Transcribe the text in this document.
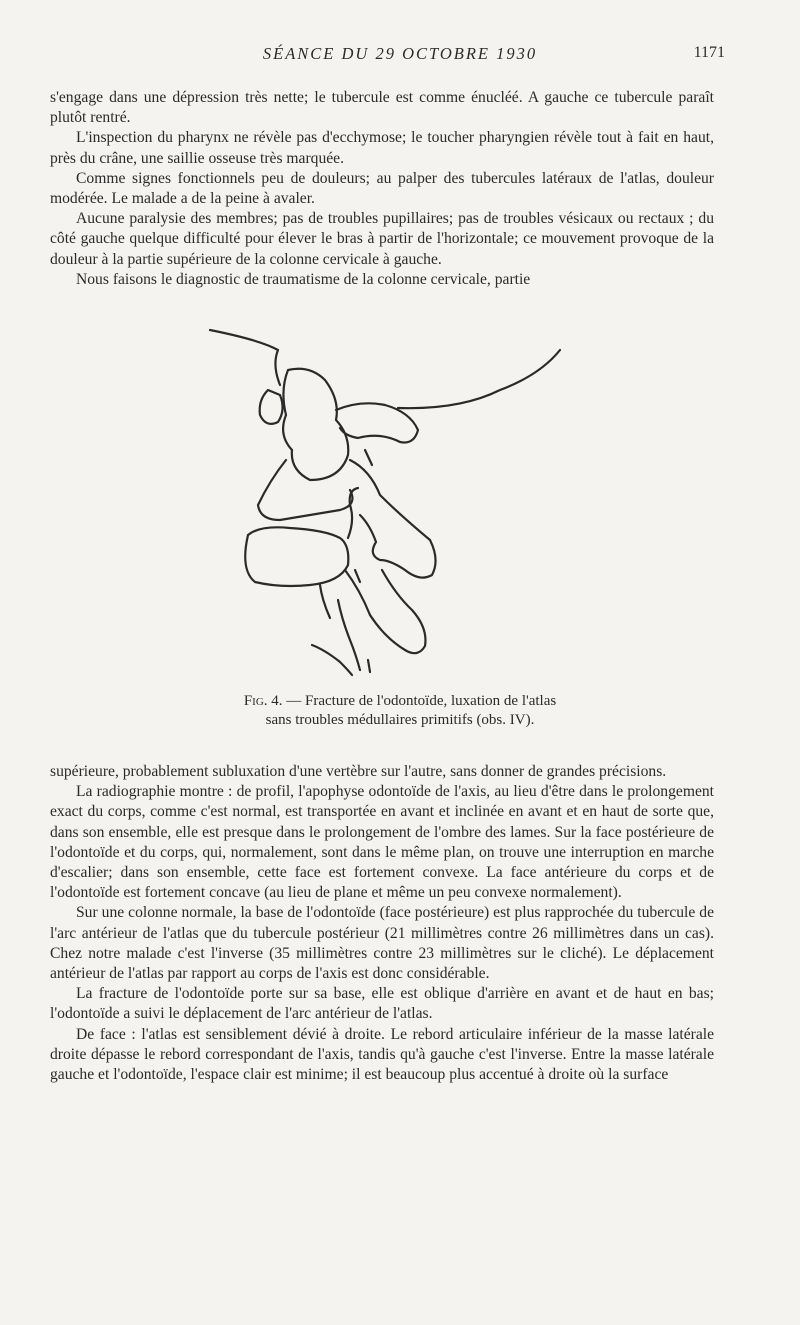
SÉANCE DU 29 OCTOBRE 1930	1171

s'engage dans une dépression très nette; le tubercule est comme énucléé. A gauche ce tubercule paraît plutôt rentré.

L'inspection du pharynx ne révèle pas d'ecchymose; le toucher pharyngien révèle tout à fait en haut, près du crâne, une saillie osseuse très marquée.

Comme signes fonctionnels peu de douleurs; au palper des tubercules latéraux de l'atlas, douleur modérée. Le malade a de la peine à avaler.

Aucune paralysie des membres; pas de troubles pupillaires; pas de troubles vésicaux ou rectaux ; du côté gauche quelque difficulté pour élever le bras à partir de l'horizontale; ce mouvement provoque de la douleur à la partie supérieure de la colonne cervicale à gauche.

Nous faisons le diagnostic de traumatisme de la colonne cervicale, partie

Fig. 4. — Fracture de l'odontoïde, luxation de l'atlas
sans troubles médullaires primitifs (obs. IV).

supérieure, probablement subluxation d'une vertèbre sur l'autre, sans donner de grandes précisions.

La radiographie montre : de profil, l'apophyse odontoïde de l'axis, au lieu d'être dans le prolongement exact du corps, comme c'est normal, est transportée en avant et inclinée en avant et en haut de sorte que, dans son ensemble, elle est presque dans le prolongement de l'ombre des lames. Sur la face postérieure de l'odontoïde et du corps, qui, normalement, sont dans le même plan, on trouve une interruption en marche d'escalier; dans son ensemble, cette face est fortement convexe. La face antérieure du corps et de l'odontoïde est fortement concave (au lieu de plane et même un peu convexe normalement).

Sur une colonne normale, la base de l'odontoïde (face postérieure) est plus rapprochée du tubercule de l'arc antérieur de l'atlas que du tubercule postérieur (21 millimètres contre 26 millimètres dans un cas). Chez notre malade c'est l'inverse (35 millimètres contre 23 millimètres sur le cliché). Le déplacement antérieur de l'atlas par rapport au corps de l'axis est donc considérable.

La fracture de l'odontoïde porte sur sa base, elle est oblique d'arrière en avant et de haut en bas; l'odontoïde a suivi le déplacement de l'arc antérieur de l'atlas.

De face : l'atlas est sensiblement dévié à droite. Le rebord articulaire inférieur de la masse latérale droite dépasse le rebord correspondant de l'axis, tandis qu'à gauche c'est l'inverse. Entre la masse latérale gauche et l'odontoïde, l'espace clair est minime; il est beaucoup plus accentué à droite où la surface
